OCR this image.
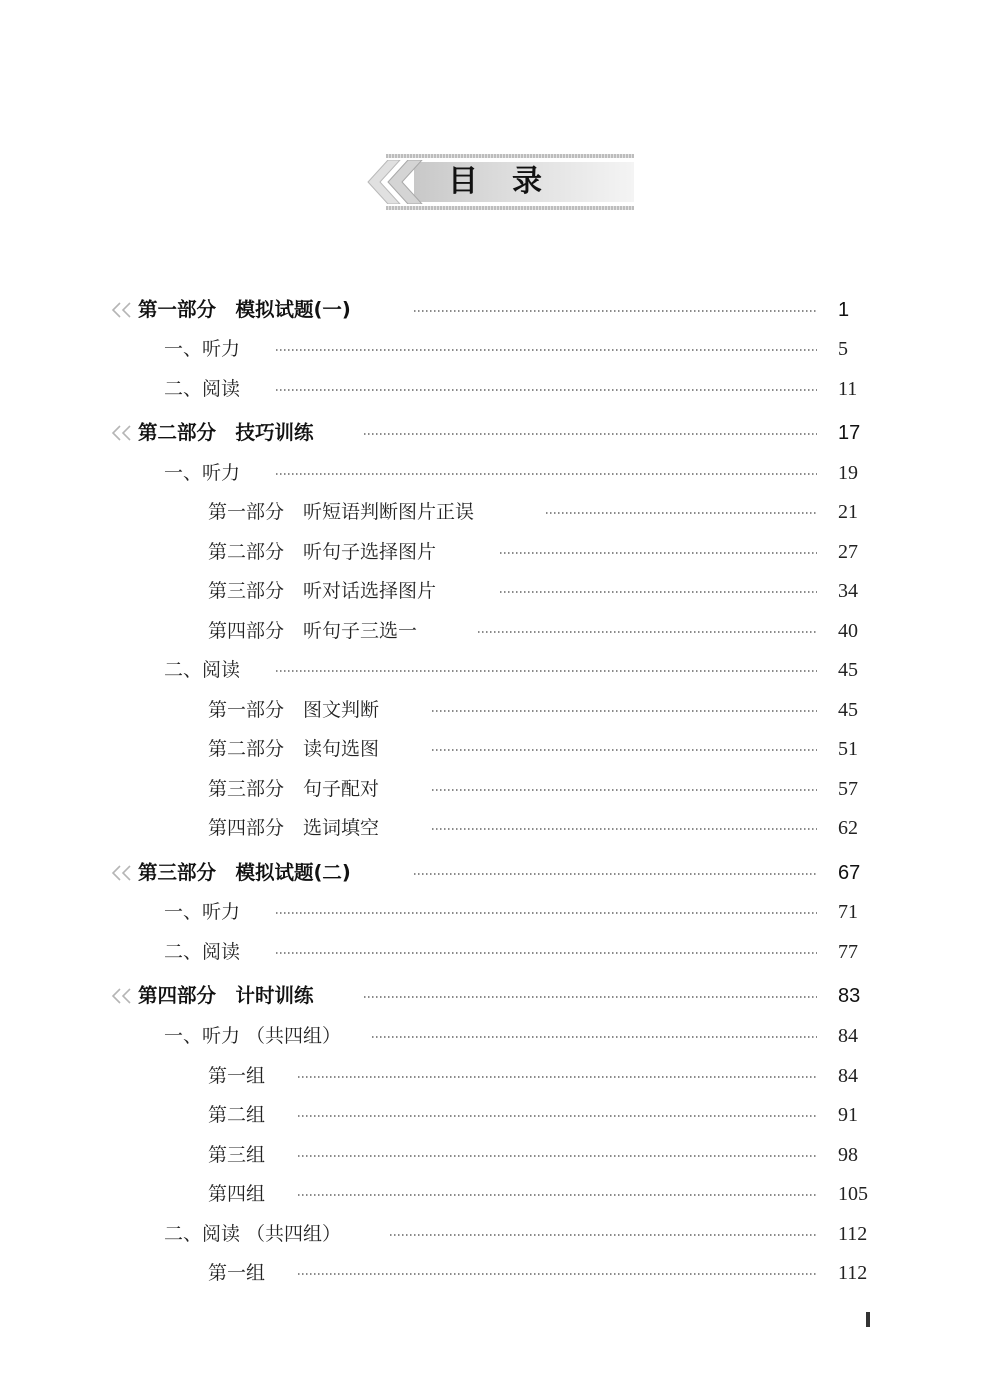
目录
第一部分　模拟试题(一)	1
一、听力	5
二、阅读	11
第二部分　技巧训练	17
一、听力	19
第一部分　听短语判断图片正误	21
第二部分　听句子选择图片	27
第三部分　听对话选择图片	34
第四部分　听句子三选一	40
二、阅读	45
第一部分　图文判断	45
第二部分　读句选图	51
第三部分　句子配对	57
第四部分　选词填空	62
第三部分　模拟试题(二)	67
一、听力	71
二、阅读	77
第四部分　计时训练	83
一、听力 （共四组）	84
第一组	84
第二组	91
第三组	98
第四组	105
二、阅读 （共四组）	112
第一组	112
